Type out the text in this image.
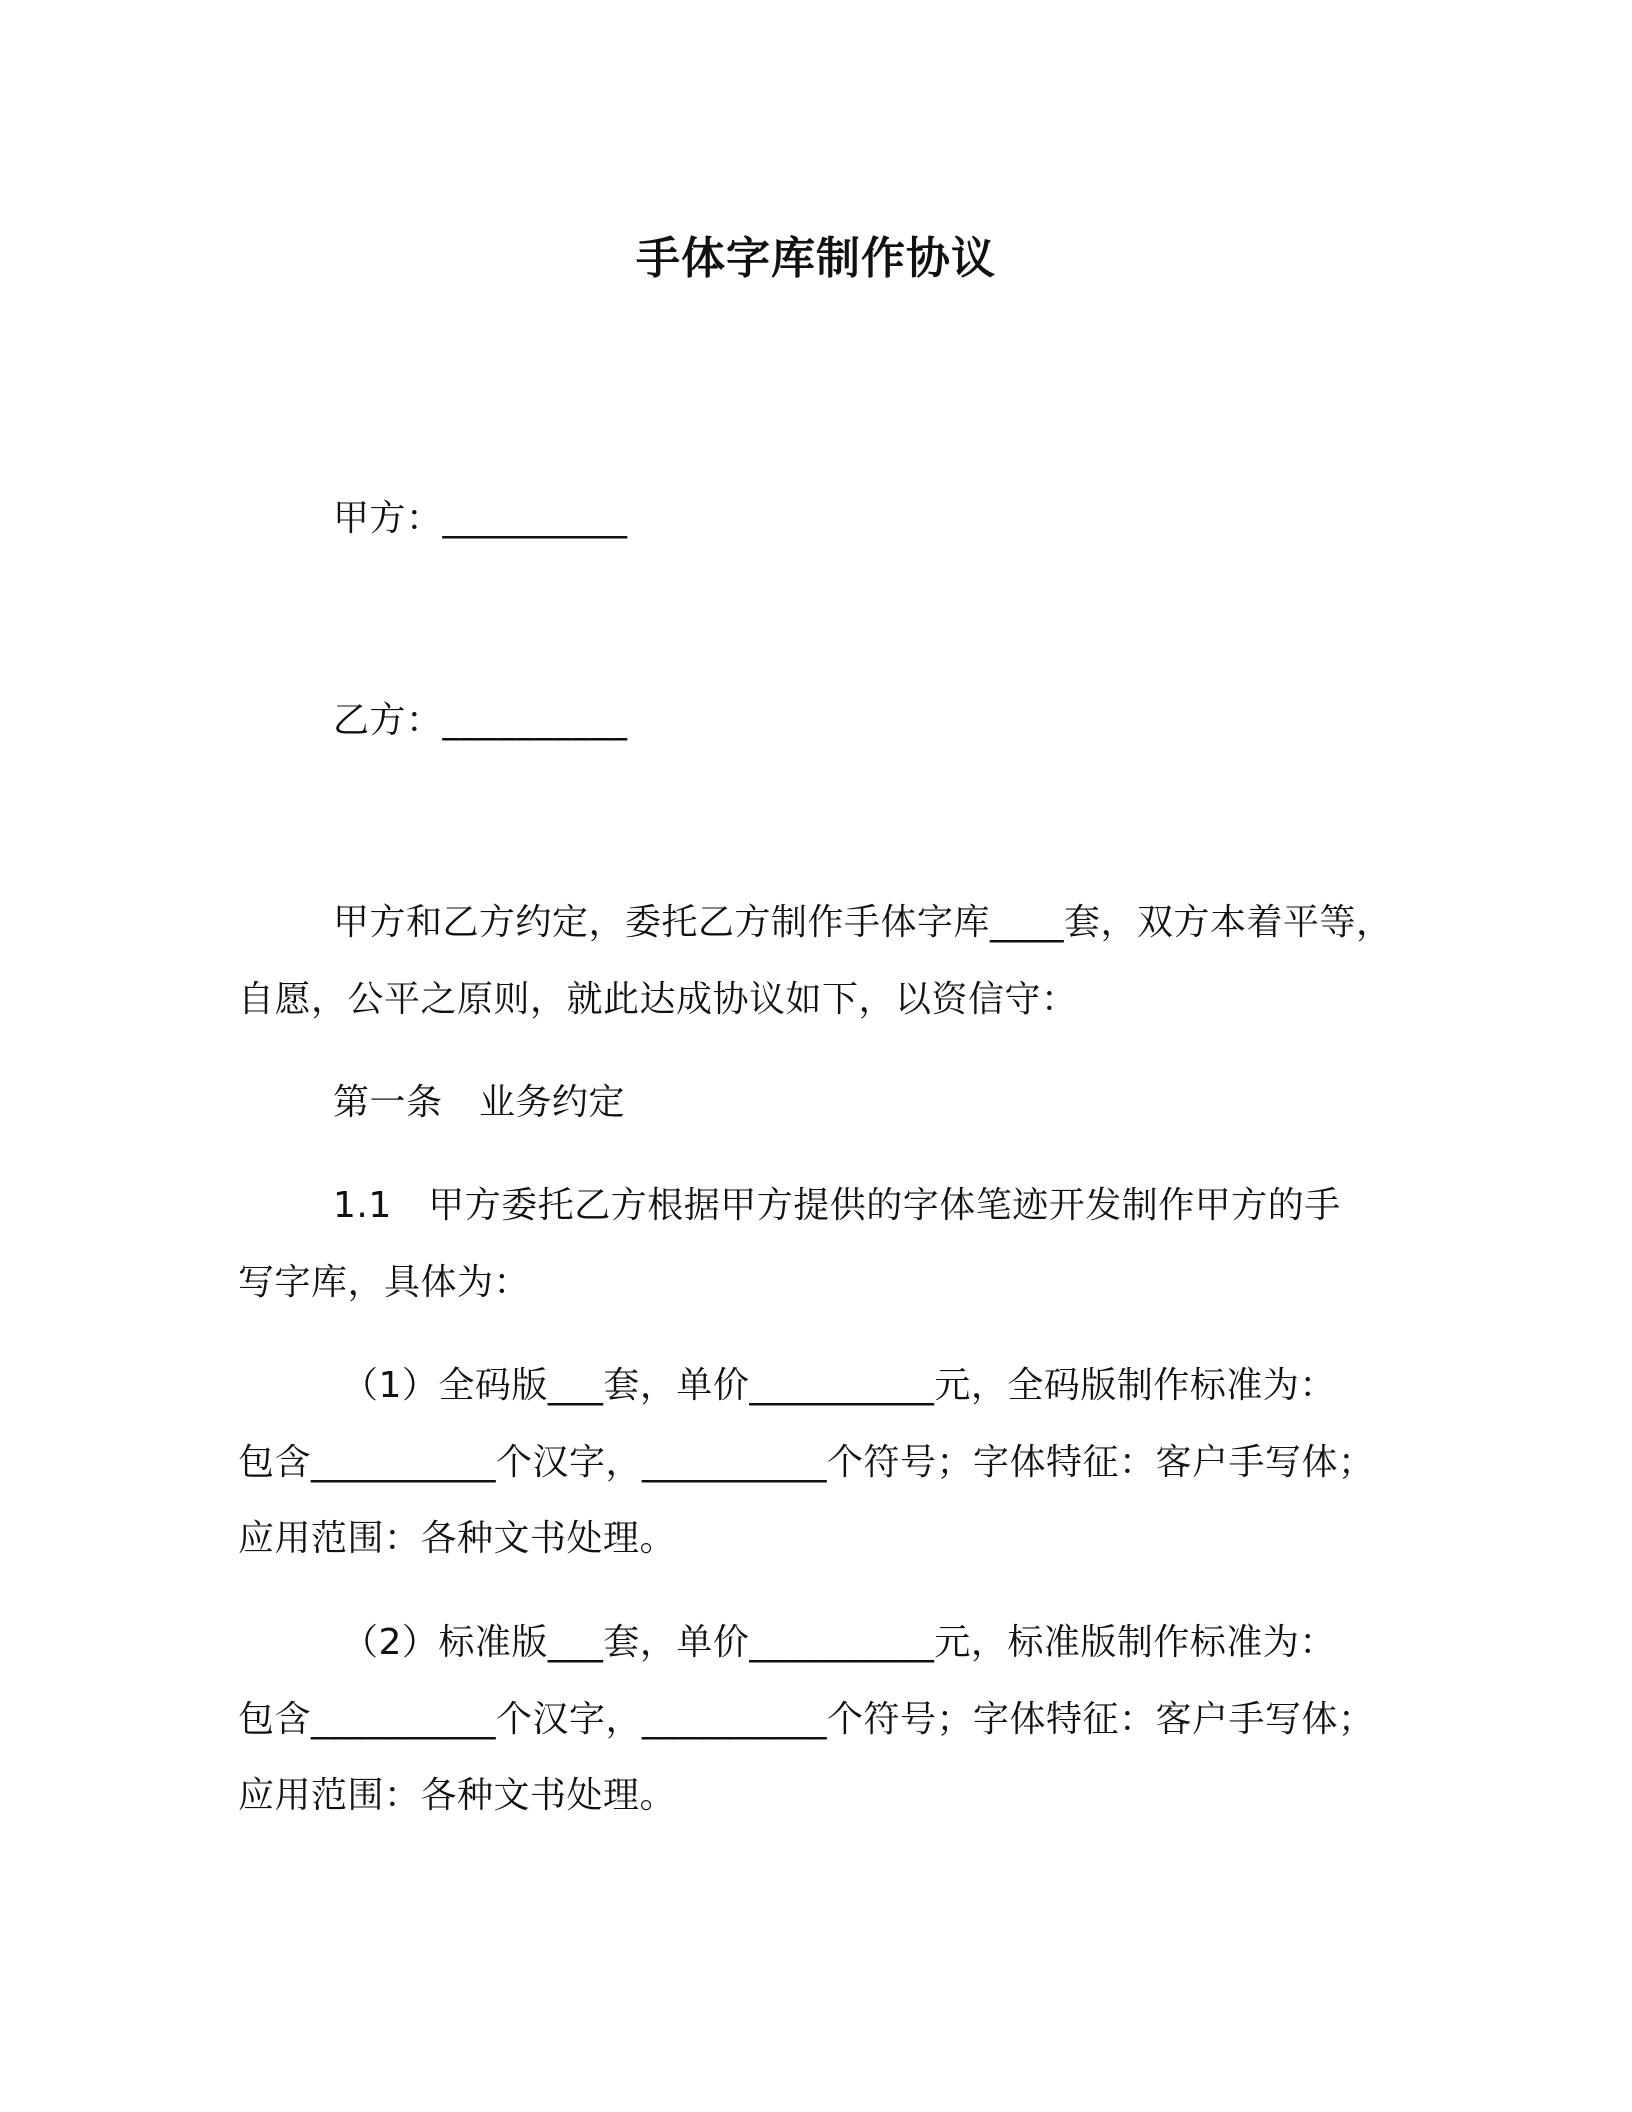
手体字库制作协议
甲方：__________
乙方：__________
甲方和乙方约定，委托乙方制作手体字库____套，双方本着平等，
自愿，公平之原则，就此达成协议如下，以资信守：
第一条　业务约定
1.1　甲方委托乙方根据甲方提供的字体笔迹开发制作甲方的手
写字库，具体为：
（1）全码版___套，单价__________元，全码版制作标准为：
包含__________个汉字，__________个符号；字体特征：客户手写体；
应用范围：各种文书处理。
（2）标准版___套，单价__________元，标准版制作标准为：
包含__________个汉字，__________个符号；字体特征：客户手写体；
应用范围：各种文书处理。
